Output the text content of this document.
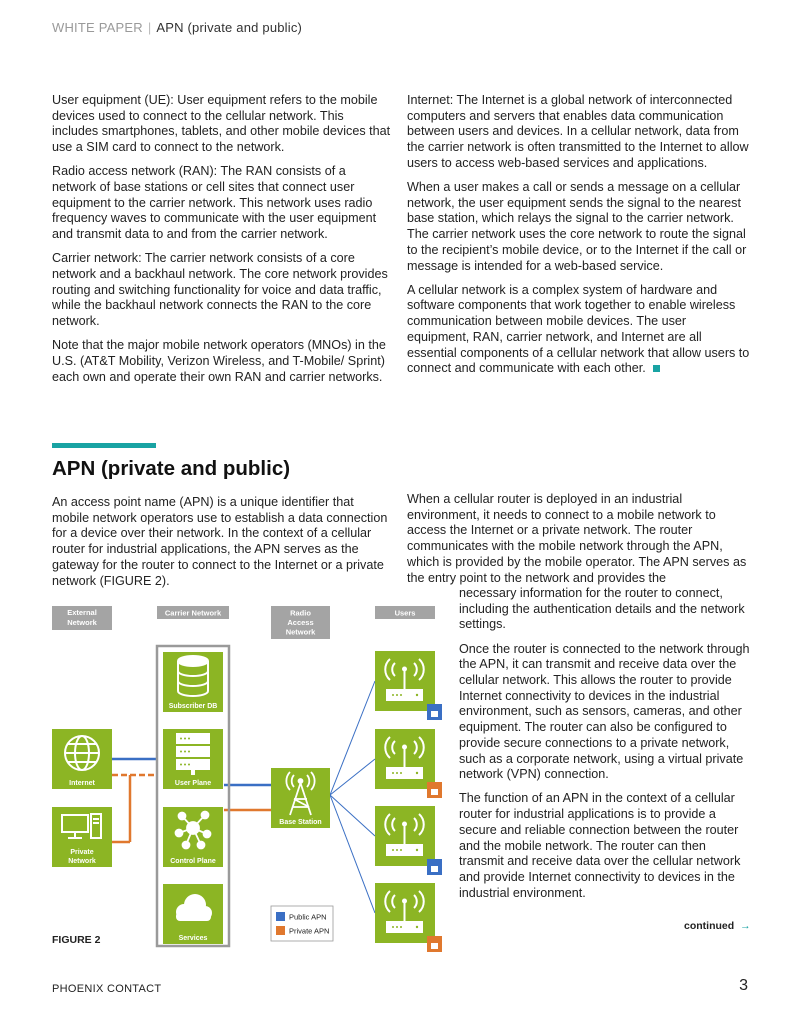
WHITE PAPER | APN (private and public)

User equipment (UE): User equipment refers to the mobile devices used to connect to the cellular network. This includes smartphones, tablets, and other mobile devices that use a SIM card to connect to the network.

Radio access network (RAN): The RAN consists of a network of base stations or cell sites that connect user equipment to the carrier network. This network uses radio frequency waves to communicate with the user equipment and transmit data to and from the carrier network.

Carrier network: The carrier network consists of a core network and a backhaul network. The core network provides routing and switching functionality for voice and data traffic, while the backhaul network connects the RAN to the core network.

Note that the major mobile network operators (MNOs) in the U.S. (AT&T Mobility, Verizon Wireless, and T-Mobile/ Sprint) each own and operate their own RAN and carrier networks.

Internet: The Internet is a global network of interconnected computers and servers that enables data communication between users and devices. In a cellular network, data from the carrier network is often transmitted to the Internet to allow users to access web-based services and applications.

When a user makes a call or sends a message on a cellular network, the user equipment sends the signal to the nearest base station, which relays the signal to the carrier network. The carrier network uses the core network to route the signal to the recipient’s mobile device, or to the Internet if the call or message is intended for a web-based service.

A cellular network is a complex system of hardware and software components that work together to enable wireless communication between mobile devices. The user equipment, RAN, carrier network, and Internet are all essential components of a cellular network that allow users to connect and communicate with each other.

APN (private and public)

An access point name (APN) is a unique identifier that mobile network operators use to establish a data connection for a device over their network. In the context of a cellular router for industrial applications, the APN serves as the gateway for the router to connect to the Internet or a private network (FIGURE 2).

When a cellular router is deployed in an industrial environment, it needs to connect to a mobile network to access the Internet or a private network. The router communicates with the mobile network through the APN, which is provided by the mobile operator. The APN serves as the entry point to the network and provides the

necessary information for the router to connect, including the authentication details and the network settings.

Once the router is connected to the network through the APN, it can transmit and receive data over the cellular network. This allows the router to provide Internet connectivity to devices in the industrial environment, such as sensors, cameras, and other equipment. The router can also be configured to provide secure connections to a private network, such as a corporate network, using a virtual private network (VPN) connection.

The function of an APN in the context of a cellular router for industrial applications is to provide a secure and reliable connection between the router and the mobile network. The router can then transmit and receive data over the cellular network and provide Internet connectivity to devices in the industrial environment.

External
Network
Carrier Network	Radio
Access
Network
Users
Subscriber DB
Internet	User Plane
Base Station
Private
Network	Control Plane
Services
Public APN
Private APN
FIGURE 2
continued →
PHOENIX CONTACT	3
